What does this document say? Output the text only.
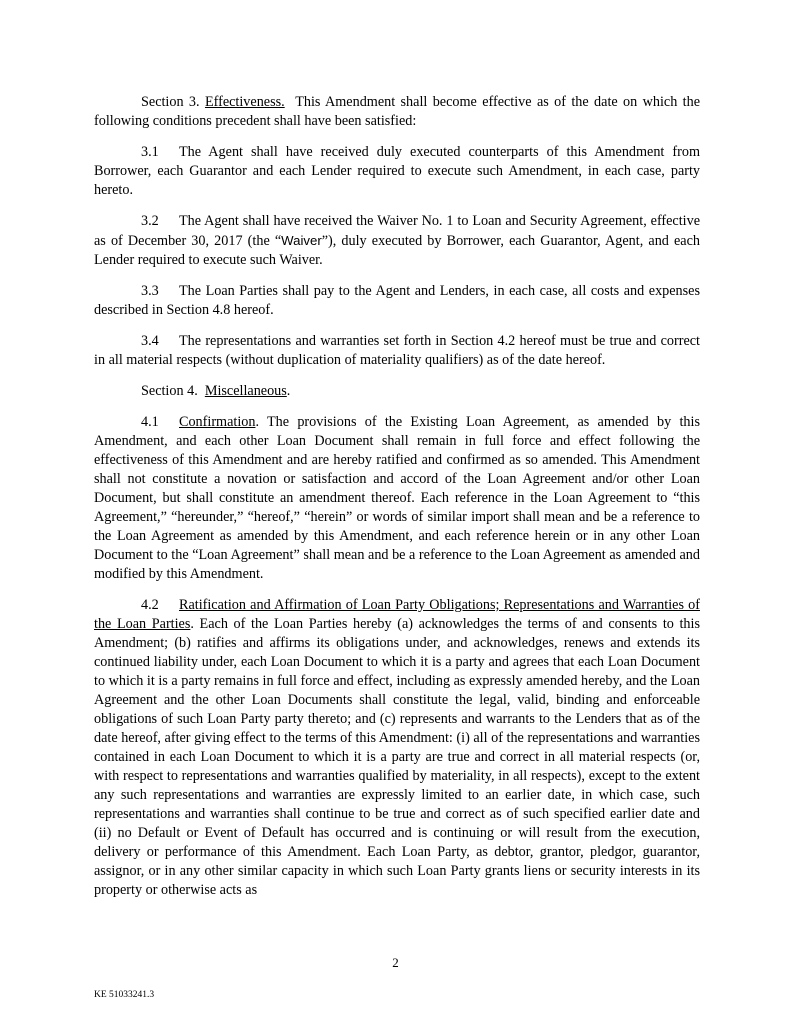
Section 3. Effectiveness. This Amendment shall become effective as of the date on which the following conditions precedent shall have been satisfied:

3.1 The Agent shall have received duly executed counterparts of this Amendment from Borrower, each Guarantor and each Lender required to execute such Amendment, in each case, party hereto.

3.2 The Agent shall have received the Waiver No. 1 to Loan and Security Agreement, effective as of December 30, 2017 (the “Waiver”), duly executed by Borrower, each Guarantor, Agent, and each Lender required to execute such Waiver.

3.3 The Loan Parties shall pay to the Agent and Lenders, in each case, all costs and expenses described in Section 4.8 hereof.

3.4 The representations and warranties set forth in Section 4.2 hereof must be true and correct in all material respects (without duplication of materiality qualifiers) as of the date hereof.

Section 4. Miscellaneous.

4.1 Confirmation. The provisions of the Existing Loan Agreement, as amended by this Amendment, and each other Loan Document shall remain in full force and effect following the effectiveness of this Amendment and are hereby ratified and confirmed as so amended. This Amendment shall not constitute a novation or satisfaction and accord of the Loan Agreement and/or other Loan Document, but shall constitute an amendment thereof. Each reference in the Loan Agreement to “this Agreement,” “hereunder,” “hereof,” “herein” or words of similar import shall mean and be a reference to the Loan Agreement as amended by this Amendment, and each reference herein or in any other Loan Document to the “Loan Agreement” shall mean and be a reference to the Loan Agreement as amended and modified by this Amendment.

4.2 Ratification and Affirmation of Loan Party Obligations; Representations and Warranties of the Loan Parties. Each of the Loan Parties hereby (a) acknowledges the terms of and consents to this Amendment; (b) ratifies and affirms its obligations under, and acknowledges, renews and extends its continued liability under, each Loan Document to which it is a party and agrees that each Loan Document to which it is a party remains in full force and effect, including as expressly amended hereby, and the Loan Agreement and the other Loan Documents shall constitute the legal, valid, binding and enforceable obligations of such Loan Party party thereto; and (c) represents and warrants to the Lenders that as of the date hereof, after giving effect to the terms of this Amendment: (i) all of the representations and warranties contained in each Loan Document to which it is a party are true and correct in all material respects (or, with respect to representations and warranties qualified by materiality, in all respects), except to the extent any such representations and warranties are expressly limited to an earlier date, in which case, such representations and warranties shall continue to be true and correct as of such specified earlier date and (ii) no Default or Event of Default has occurred and is continuing or will result from the execution, delivery or performance of this Amendment. Each Loan Party, as debtor, grantor, pledgor, guarantor, assignor, or in any other similar capacity in which such Loan Party grants liens or security interests in its property or otherwise acts as

2
KE 51033241.3
